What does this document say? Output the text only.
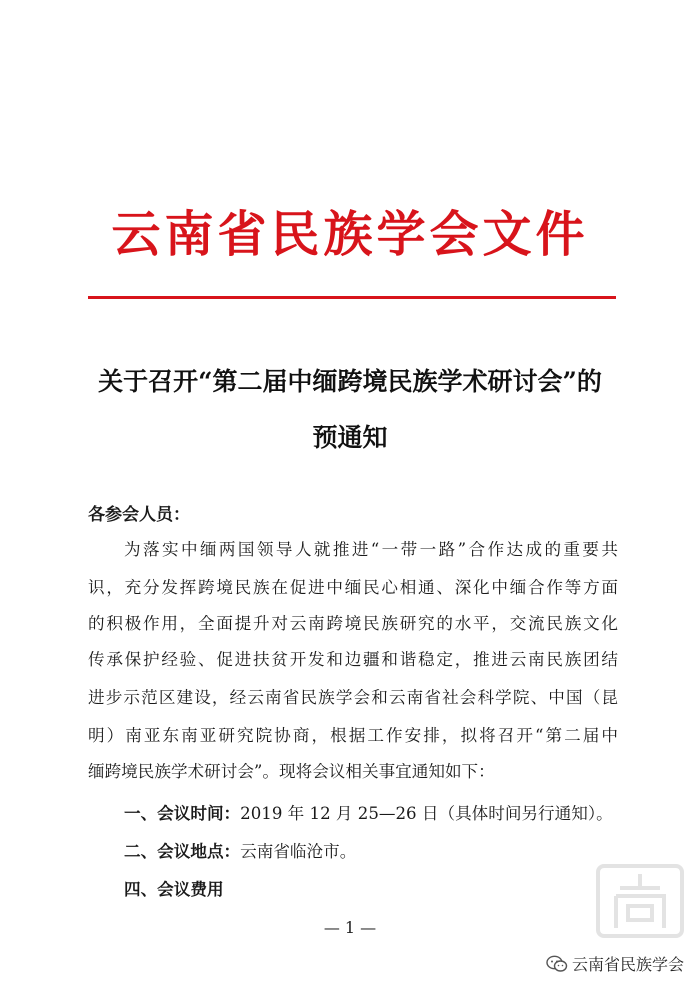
云南省民族学会文件
关于召开“第二届中缅跨境民族学术研讨会”的
预通知
各参会人员：
为落实中缅两国领导人就推进“一带一路”合作达成的重要共
识，充分发挥跨境民族在促进中缅民心相通、深化中缅合作等方面
的积极作用，全面提升对云南跨境民族研究的水平，交流民族文化
传承保护经验、促进扶贫开发和边疆和谐稳定，推进云南民族团结
进步示范区建设，经云南省民族学会和云南省社会科学院、中国（昆
明）南亚东南亚研究院协商，根据工作安排，拟将召开“第二届中
缅跨境民族学术研讨会”。现将会议相关事宜通知如下：
一、会议时间：2019 年 12 月 25—26 日（具体时间另行通知）。
二、会议地点：云南省临沧市。
四、会议费用
— 1 —
云南省民族学会
